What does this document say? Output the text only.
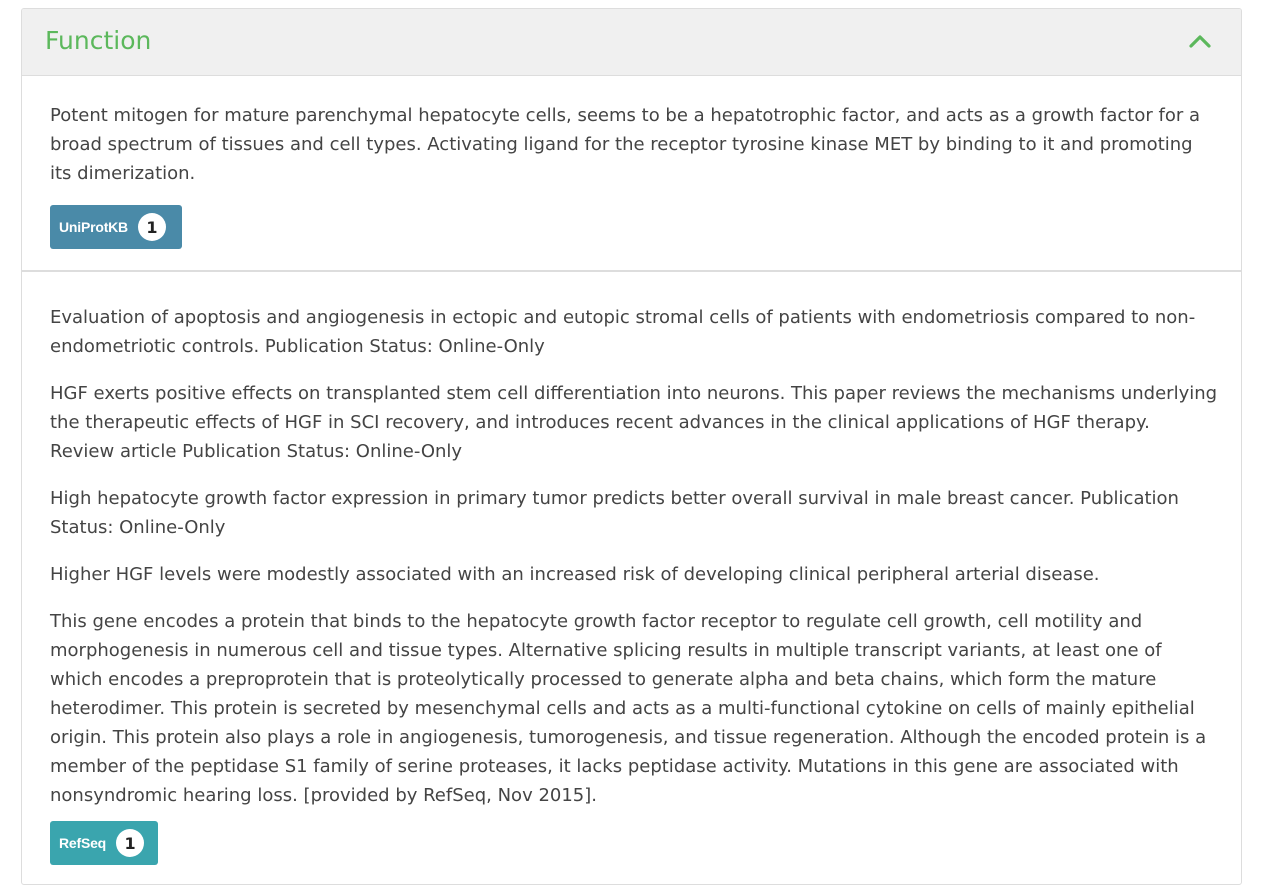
Function

Potent mitogen for mature parenchymal hepatocyte cells, seems to be a hepatotrophic factor, and acts as a growth factor for a broad spectrum of tissues and cell types. Activating ligand for the receptor tyrosine kinase MET by binding to it and promoting its dimerization.

UniProtKB	1

Evaluation of apoptosis and angiogenesis in ectopic and eutopic stromal cells of patients with endometriosis compared to non-endometriotic controls. Publication Status: Online-Only

HGF exerts positive effects on transplanted stem cell differentiation into neurons. This paper reviews the mechanisms underlying the therapeutic effects of HGF in SCI recovery, and introduces recent advances in the clinical applications of HGF therapy. Review article Publication Status: Online-Only

High hepatocyte growth factor expression in primary tumor predicts better overall survival in male breast cancer. Publication Status: Online-Only

Higher HGF levels were modestly associated with an increased risk of developing clinical peripheral arterial disease.

This gene encodes a protein that binds to the hepatocyte growth factor receptor to regulate cell growth, cell motility and morphogenesis in numerous cell and tissue types. Alternative splicing results in multiple transcript variants, at least one of which encodes a preproprotein that is proteolytically processed to generate alpha and beta chains, which form the mature heterodimer. This protein is secreted by mesenchymal cells and acts as a multi-functional cytokine on cells of mainly epithelial origin. This protein also plays a role in angiogenesis, tumorogenesis, and tissue regeneration. Although the encoded protein is a member of the peptidase S1 family of serine proteases, it lacks peptidase activity. Mutations in this gene are associated with nonsyndromic hearing loss. [provided by RefSeq, Nov 2015].

RefSeq	1
